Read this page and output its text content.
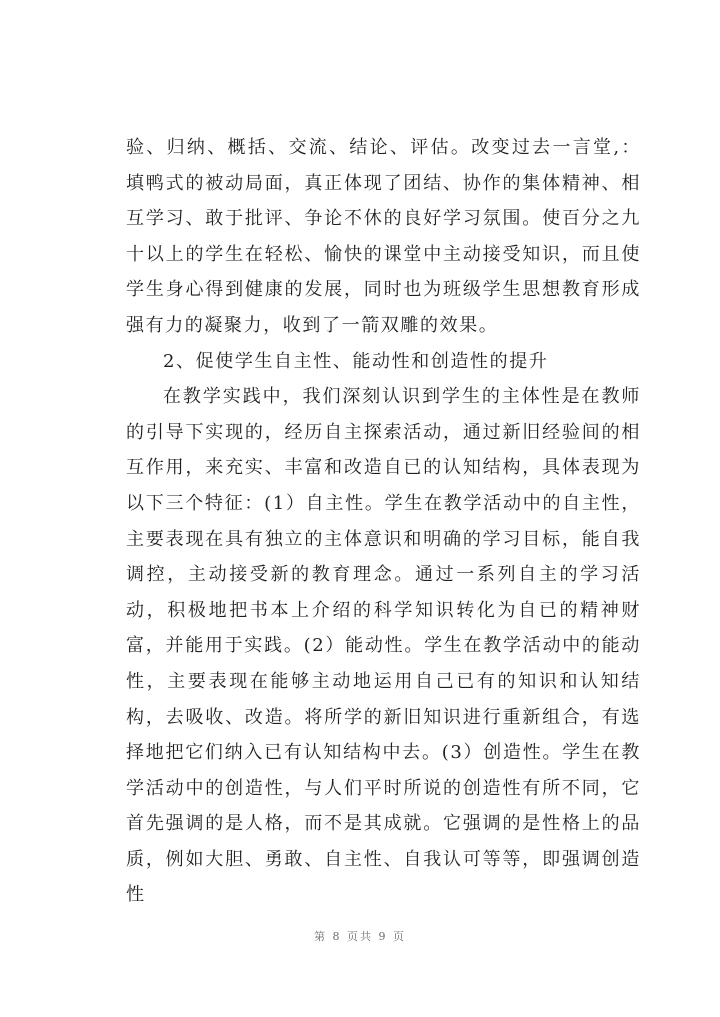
验、归纳、概括、交流、结论、评估。改变过去一言堂,：填鸭式的被动局面，真正体现了团结、协作的集体精神、相互学习、敢于批评、争论不休的良好学习氛围。使百分之九十以上的学生在轻松、愉快的课堂中主动接受知识，而且使学生身心得到健康的发展，同时也为班级学生思想教育形成强有力的凝聚力，收到了一箭双雕的效果。

2、促使学生自主性、能动性和创造性的提升

在教学实践中，我们深刻认识到学生的主体性是在教师的引导下实现的，经历自主探索活动，通过新旧经验间的相互作用，来充实、丰富和改造自已的认知结构，具体表现为以下三个特征：(1）自主性。学生在教学活动中的自主性，主要表现在具有独立的主体意识和明确的学习目标，能自我调控，主动接受新的教育理念。通过一系列自主的学习活动，积极地把书本上介绍的科学知识转化为自已的精神财富，并能用于实践。(2）能动性。学生在教学活动中的能动性，主要表现在能够主动地运用自己已有的知识和认知结构，去吸收、改造。将所学的新旧知识进行重新组合，有选择地把它们纳入已有认知结构中去。(3）创造性。学生在教学活动中的创造性，与人们平时所说的创造性有所不同，它首先强调的是人格，而不是其成就。它强调的是性格上的品质，例如大胆、勇敢、自主性、自我认可等等，即强调创造性

第 8 页共 9 页
